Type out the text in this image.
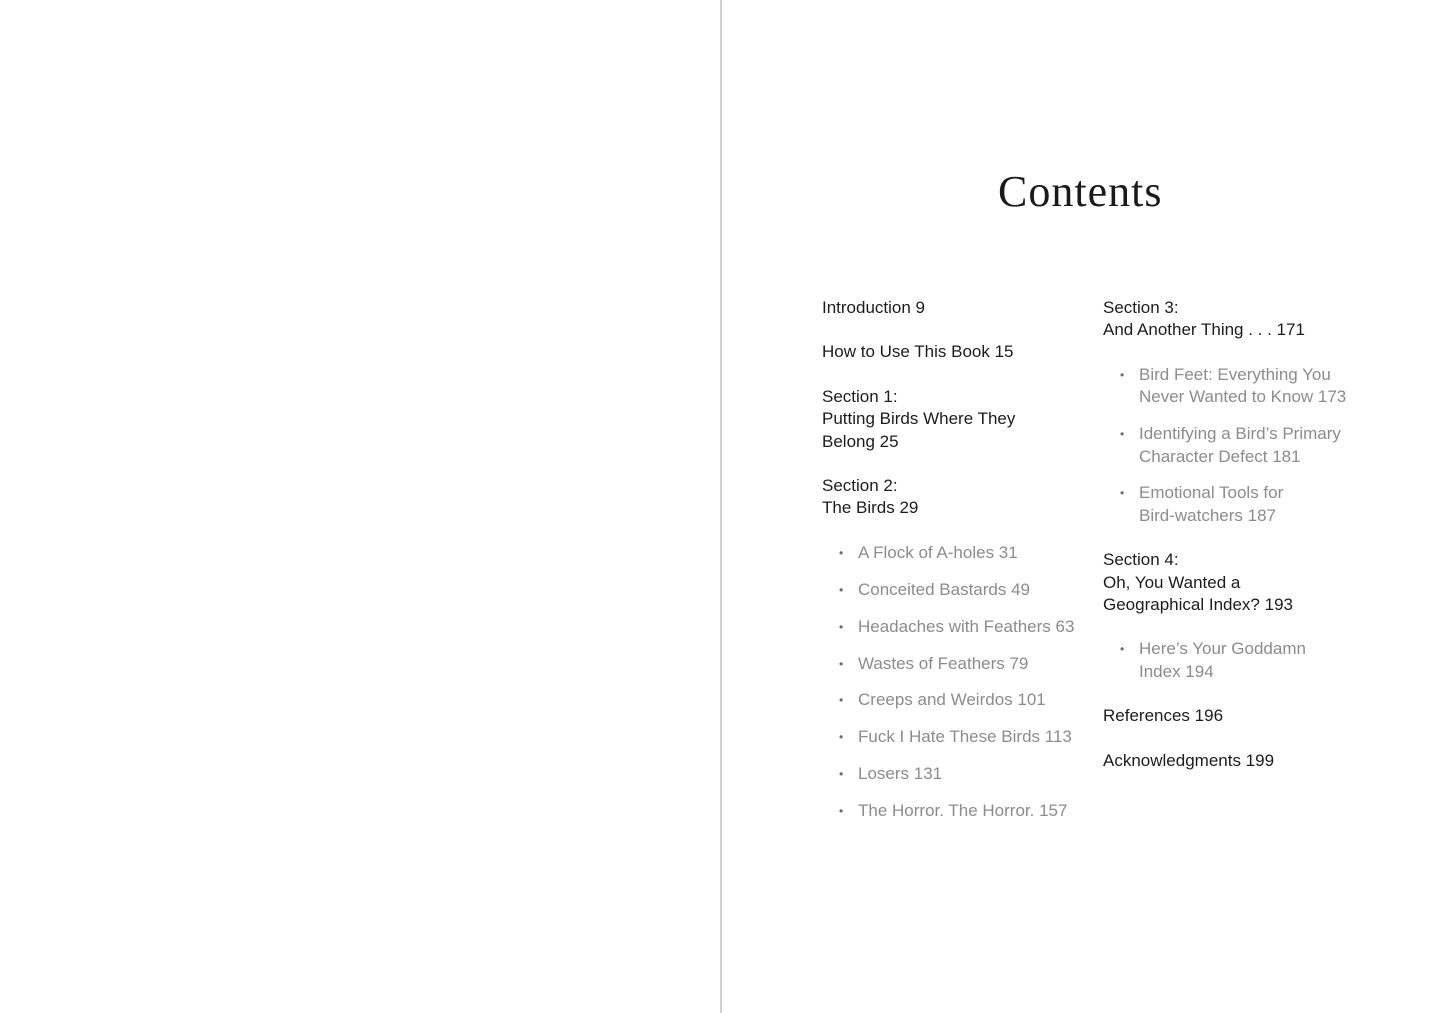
Contents

Introduction 9

How to Use This Book 15

Section 1:
Putting Birds Where They
Belong 25

Section 2:
The Birds 29

• A Flock of A-holes 31
• Conceited Bastards 49
• Headaches with Feathers 63
• Wastes of Feathers 79
• Creeps and Weirdos 101
• Fuck I Hate These Birds 113
• Losers 131
• The Horror. The Horror. 157

Section 3:
And Another Thing . . . 171

• Bird Feet: Everything You
Never Wanted to Know 173
• Identifying a Bird’s Primary
Character Defect 181
• Emotional Tools for
Bird-watchers 187

Section 4:
Oh, You Wanted a
Geographical Index? 193

• Here’s Your Goddamn
Index 194

References 196

Acknowledgments 199
